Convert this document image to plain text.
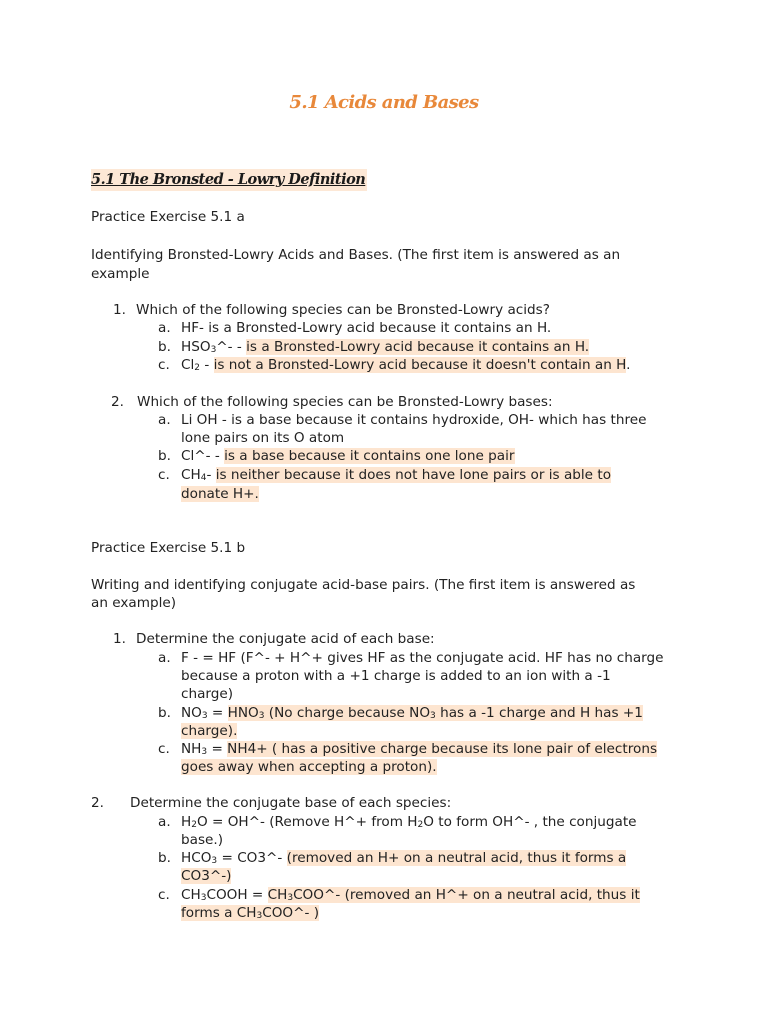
5.1 Acids and Bases
5.1 The Bronsted - Lowry Definition
Practice Exercise 5.1 a
Identifying Bronsted-Lowry Acids and Bases. (The first item is answered as an
example
1. Which of the following species can be Bronsted-Lowry acids?
a. HF- is a Bronsted-Lowry acid because it contains an H.
b. $HSO_3\^{}-$ - is a Bronsted-Lowry acid because it contains an H.
c. $Cl_2$ - is not a Bronsted-Lowry acid because it doesn't contain an H.
2. Which of the following species can be Bronsted-Lowry bases:
a. Li OH - is a base because it contains hydroxide, OH- which has three
lone pairs on its O atom
b. Cl^- - is a base because it contains one lone pair
c. $CH_4-$ is neither because it does not have lone pairs or is able to
donate H+.
Practice Exercise 5.1 b
Writing and identifying conjugate acid-base pairs. (The first item is answered as
an example)
1. Determine the conjugate acid of each base:
a. F - = HF (F^- + H^+ gives HF as the conjugate acid. HF has no charge
because a proton with a +1 charge is added to an ion with a -1
charge)
b. $NO_3 = HNO_3$ (No charge because $NO_3$ has a -1 charge and H has +1
charge).
c. $NH_3 = NH4+$ ( has a positive charge because its lone pair of electrons
goes away when accepting a proton).
2. Determine the conjugate base of each species:
a. $H_2O$ = OH^- (Remove H^+ from $H_2O$ to form OH^- , the conjugate
base.)
b. $HCO_3$ = CO3^- (removed an H+ on a neutral acid, thus it forms a
CO3^-)
c. $CH_3COOH$ = $CH_3COO\^{}-$ (removed an H^+ on a neutral acid, thus it
forms a $CH_3COO\^{}-$ )
